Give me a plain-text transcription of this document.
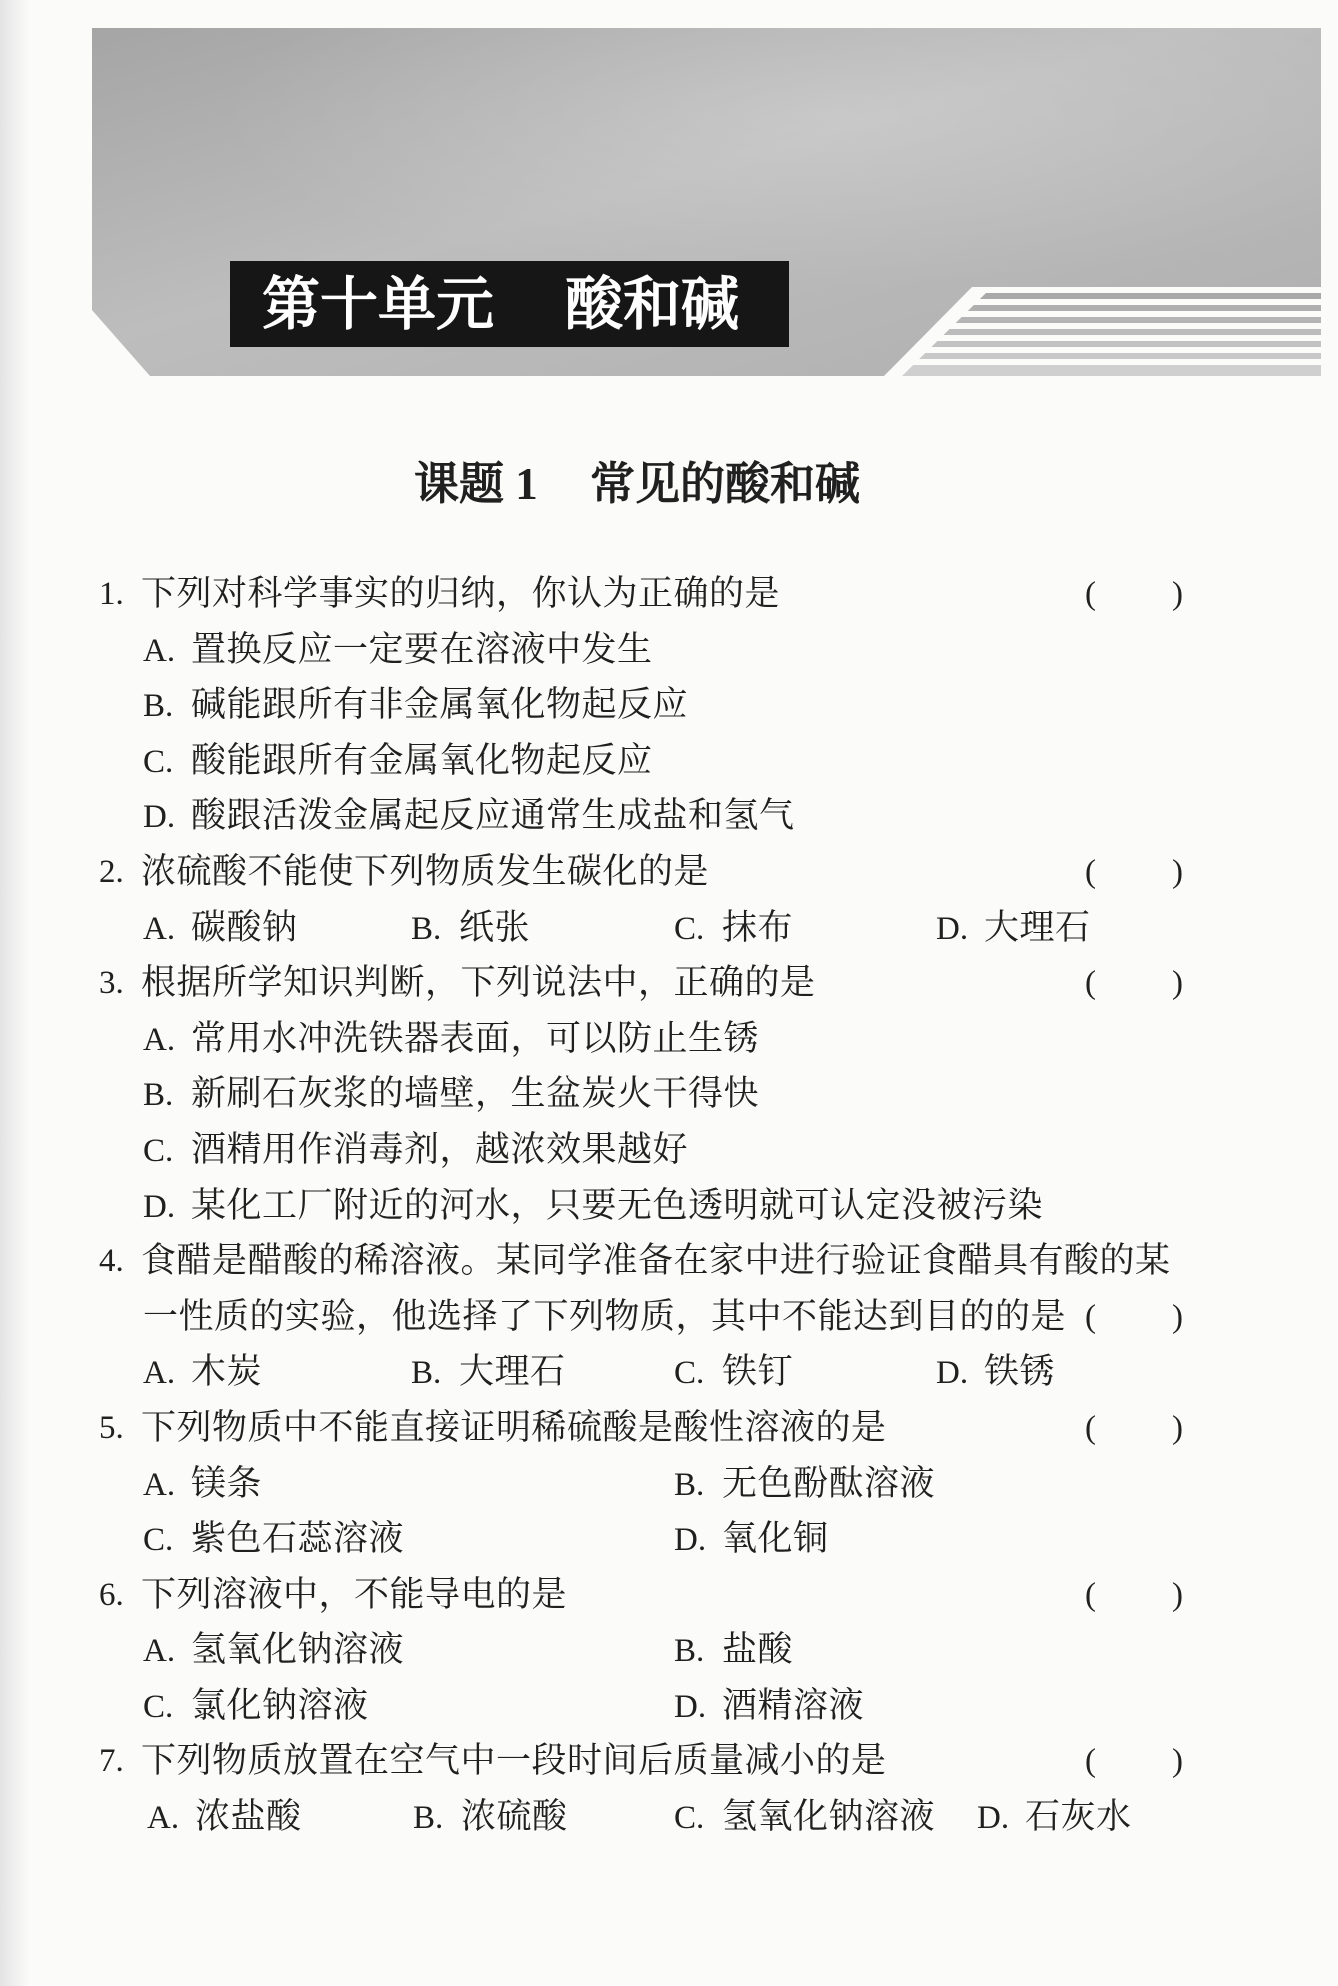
第十单元 酸和碱
课题 1 常见的酸和碱
1. 下列对科学事实的归纳，你认为正确的是	( )
A. 置换反应一定要在溶液中发生
B. 碱能跟所有非金属氧化物起反应
C. 酸能跟所有金属氧化物起反应
D. 酸跟活泼金属起反应通常生成盐和氢气
2. 浓硫酸不能使下列物质发生碳化的是	( )
A. 碳酸钠	B. 纸张	C. 抹布	D. 大理石
3. 根据所学知识判断，下列说法中，正确的是	( )
A. 常用水冲洗铁器表面，可以防止生锈
B. 新刷石灰浆的墙壁，生盆炭火干得快
C. 酒精用作消毒剂，越浓效果越好
D. 某化工厂附近的河水，只要无色透明就可认定没被污染
4. 食醋是醋酸的稀溶液。某同学准备在家中进行验证食醋具有酸的某
一性质的实验，他选择了下列物质，其中不能达到目的的是 ( )
A. 木炭	B. 大理石	C. 铁钉	D. 铁锈
5. 下列物质中不能直接证明稀硫酸是酸性溶液的是	( )
A. 镁条	B. 无色酚酞溶液
C. 紫色石蕊溶液	D. 氧化铜
6. 下列溶液中，不能导电的是	( )
A. 氢氧化钠溶液	B. 盐酸
C. 氯化钠溶液	D. 酒精溶液
7. 下列物质放置在空气中一段时间后质量减小的是	( )
A. 浓盐酸	B. 浓硫酸	C. 氢氧化钠溶液 D. 石灰水
